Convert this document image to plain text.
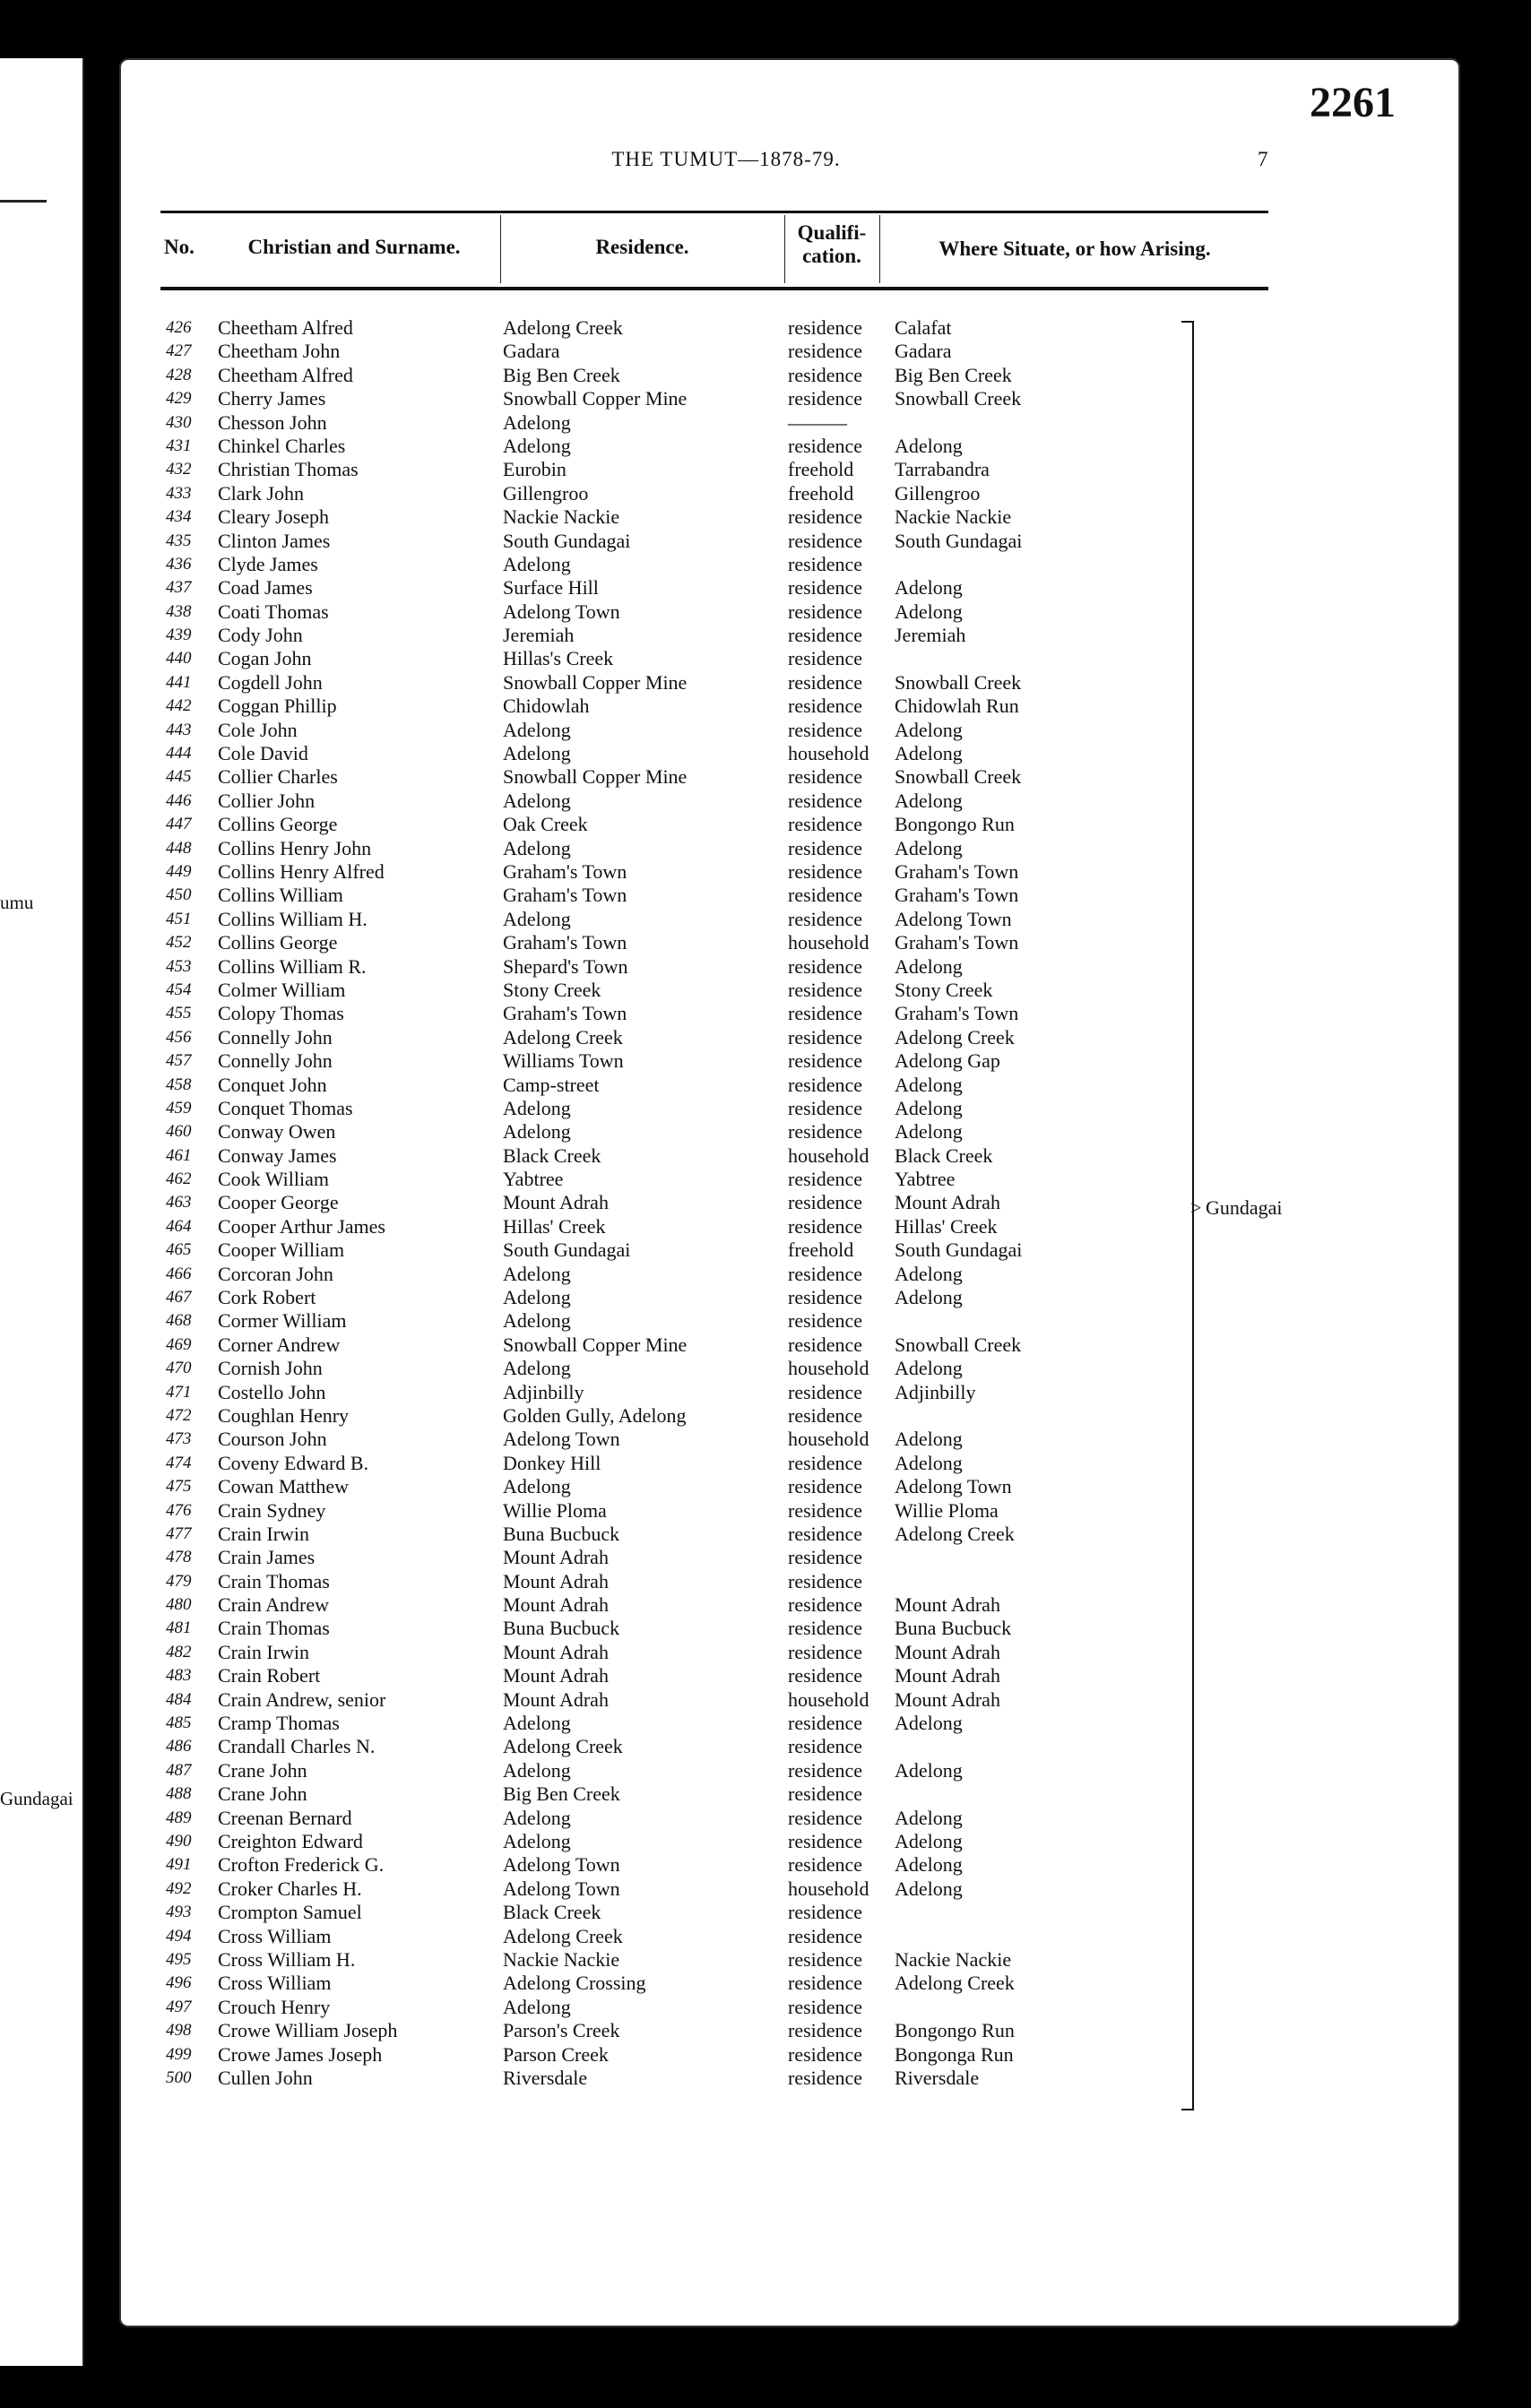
umu
Gundagai
2261
THE TUMUT—1878-79.	7
No.	Christian and Surname.	Residence.
Qualifi-
cation.	Where Situate, or how Arising.
426 Cheetham Alfred	Adelong Creek	residence Calafat
427 Cheetham John	Gadara	residence Gadara
428 Cheetham Alfred	Big Ben Creek	residence Big Ben Creek
429 Cherry James	Snowball Copper Mine	residence Snowball Creek
430 Chesson John	Adelong	———
431 Chinkel Charles	Adelong	residence Adelong
432 Christian Thomas	Eurobin	freehold Tarrabandra
433 Clark John	Gillengroo	freehold Gillengroo
434 Cleary Joseph	Nackie Nackie	residence Nackie Nackie
435 Clinton James	South Gundagai	residence South Gundagai
436 Clyde James	Adelong	residence
437 Coad James	Surface Hill	residence Adelong
438 Coati Thomas	Adelong Town	residence Adelong
439 Cody John	Jeremiah	residence Jeremiah
440 Cogan John	Hillas's Creek	residence
441 Cogdell John	Snowball Copper Mine	residence Snowball Creek
442 Coggan Phillip	Chidowlah	residence Chidowlah Run
443 Cole John	Adelong	residence Adelong
444 Cole David	Adelong	household Adelong
445 Collier Charles	Snowball Copper Mine	residence Snowball Creek
446 Collier John	Adelong	residence Adelong
447 Collins George	Oak Creek	residence Bongongo Run
448 Collins Henry John	Adelong	residence Adelong
449 Collins Henry Alfred	Graham's Town	residence Graham's Town
450 Collins William	Graham's Town	residence Graham's Town
451 Collins William H.	Adelong	residence Adelong Town
452 Collins George	Graham's Town	household Graham's Town
453 Collins William R.	Shepard's Town	residence Adelong
454 Colmer William	Stony Creek	residence Stony Creek
455 Colopy Thomas	Graham's Town	residence Graham's Town
456 Connelly John	Adelong Creek	residence Adelong Creek
457 Connelly John	Williams Town	residence Adelong Gap
458 Conquet John	Camp-street	residence Adelong
459 Conquet Thomas	Adelong	residence Adelong
460 Conway Owen	Adelong	residence Adelong
461 Conway James	Black Creek	household Black Creek
462 Cook William	Yabtree	residence Yabtree
463 Cooper George	Mount Adrah	residence Mount Adrah
464 Cooper Arthur James	Hillas' Creek	residence Hillas' Creek
465 Cooper William	South Gundagai	freehold South Gundagai
466 Corcoran John	Adelong	residence Adelong
467 Cork Robert	Adelong	residence Adelong
468 Cormer William	Adelong	residence
469 Corner Andrew	Snowball Copper Mine	residence Snowball Creek
470 Cornish John	Adelong	household Adelong
471 Costello John	Adjinbilly	residence Adjinbilly
472 Coughlan Henry	Golden Gully, Adelong	residence
473 Courson John	Adelong Town	household Adelong
474 Coveny Edward B.	Donkey Hill	residence Adelong
475 Cowan Matthew	Adelong	residence Adelong Town
476 Crain Sydney	Willie Ploma	residence Willie Ploma
477 Crain Irwin	Buna Bucbuck	residence Adelong Creek
478 Crain James	Mount Adrah	residence
479 Crain Thomas	Mount Adrah	residence
480 Crain Andrew	Mount Adrah	residence Mount Adrah
481 Crain Thomas	Buna Bucbuck	residence Buna Bucbuck
482 Crain Irwin	Mount Adrah	residence Mount Adrah
483 Crain Robert	Mount Adrah	residence Mount Adrah
484 Crain Andrew, senior	Mount Adrah	household Mount Adrah
485 Cramp Thomas	Adelong	residence Adelong
486 Crandall Charles N.	Adelong Creek	residence
487 Crane John	Adelong	residence Adelong
488 Crane John	Big Ben Creek	residence
489 Creenan Bernard	Adelong	residence Adelong
490 Creighton Edward	Adelong	residence Adelong
491 Crofton Frederick G.	Adelong Town	residence Adelong
492 Croker Charles H.	Adelong Town	household Adelong
493 Crompton Samuel	Black Creek	residence
494 Cross William	Adelong Creek	residence
495 Cross William H.	Nackie Nackie	residence Nackie Nackie
496 Cross William	Adelong Crossing	residence Adelong Creek
497 Crouch Henry	Adelong	residence
498 Crowe William Joseph	Parson's Creek	residence Bongongo Run
499 Crowe James Joseph	Parson Creek	residence Bongonga Run
500 Cullen John	Riversdale	residence Riversdale
> Gundagai
